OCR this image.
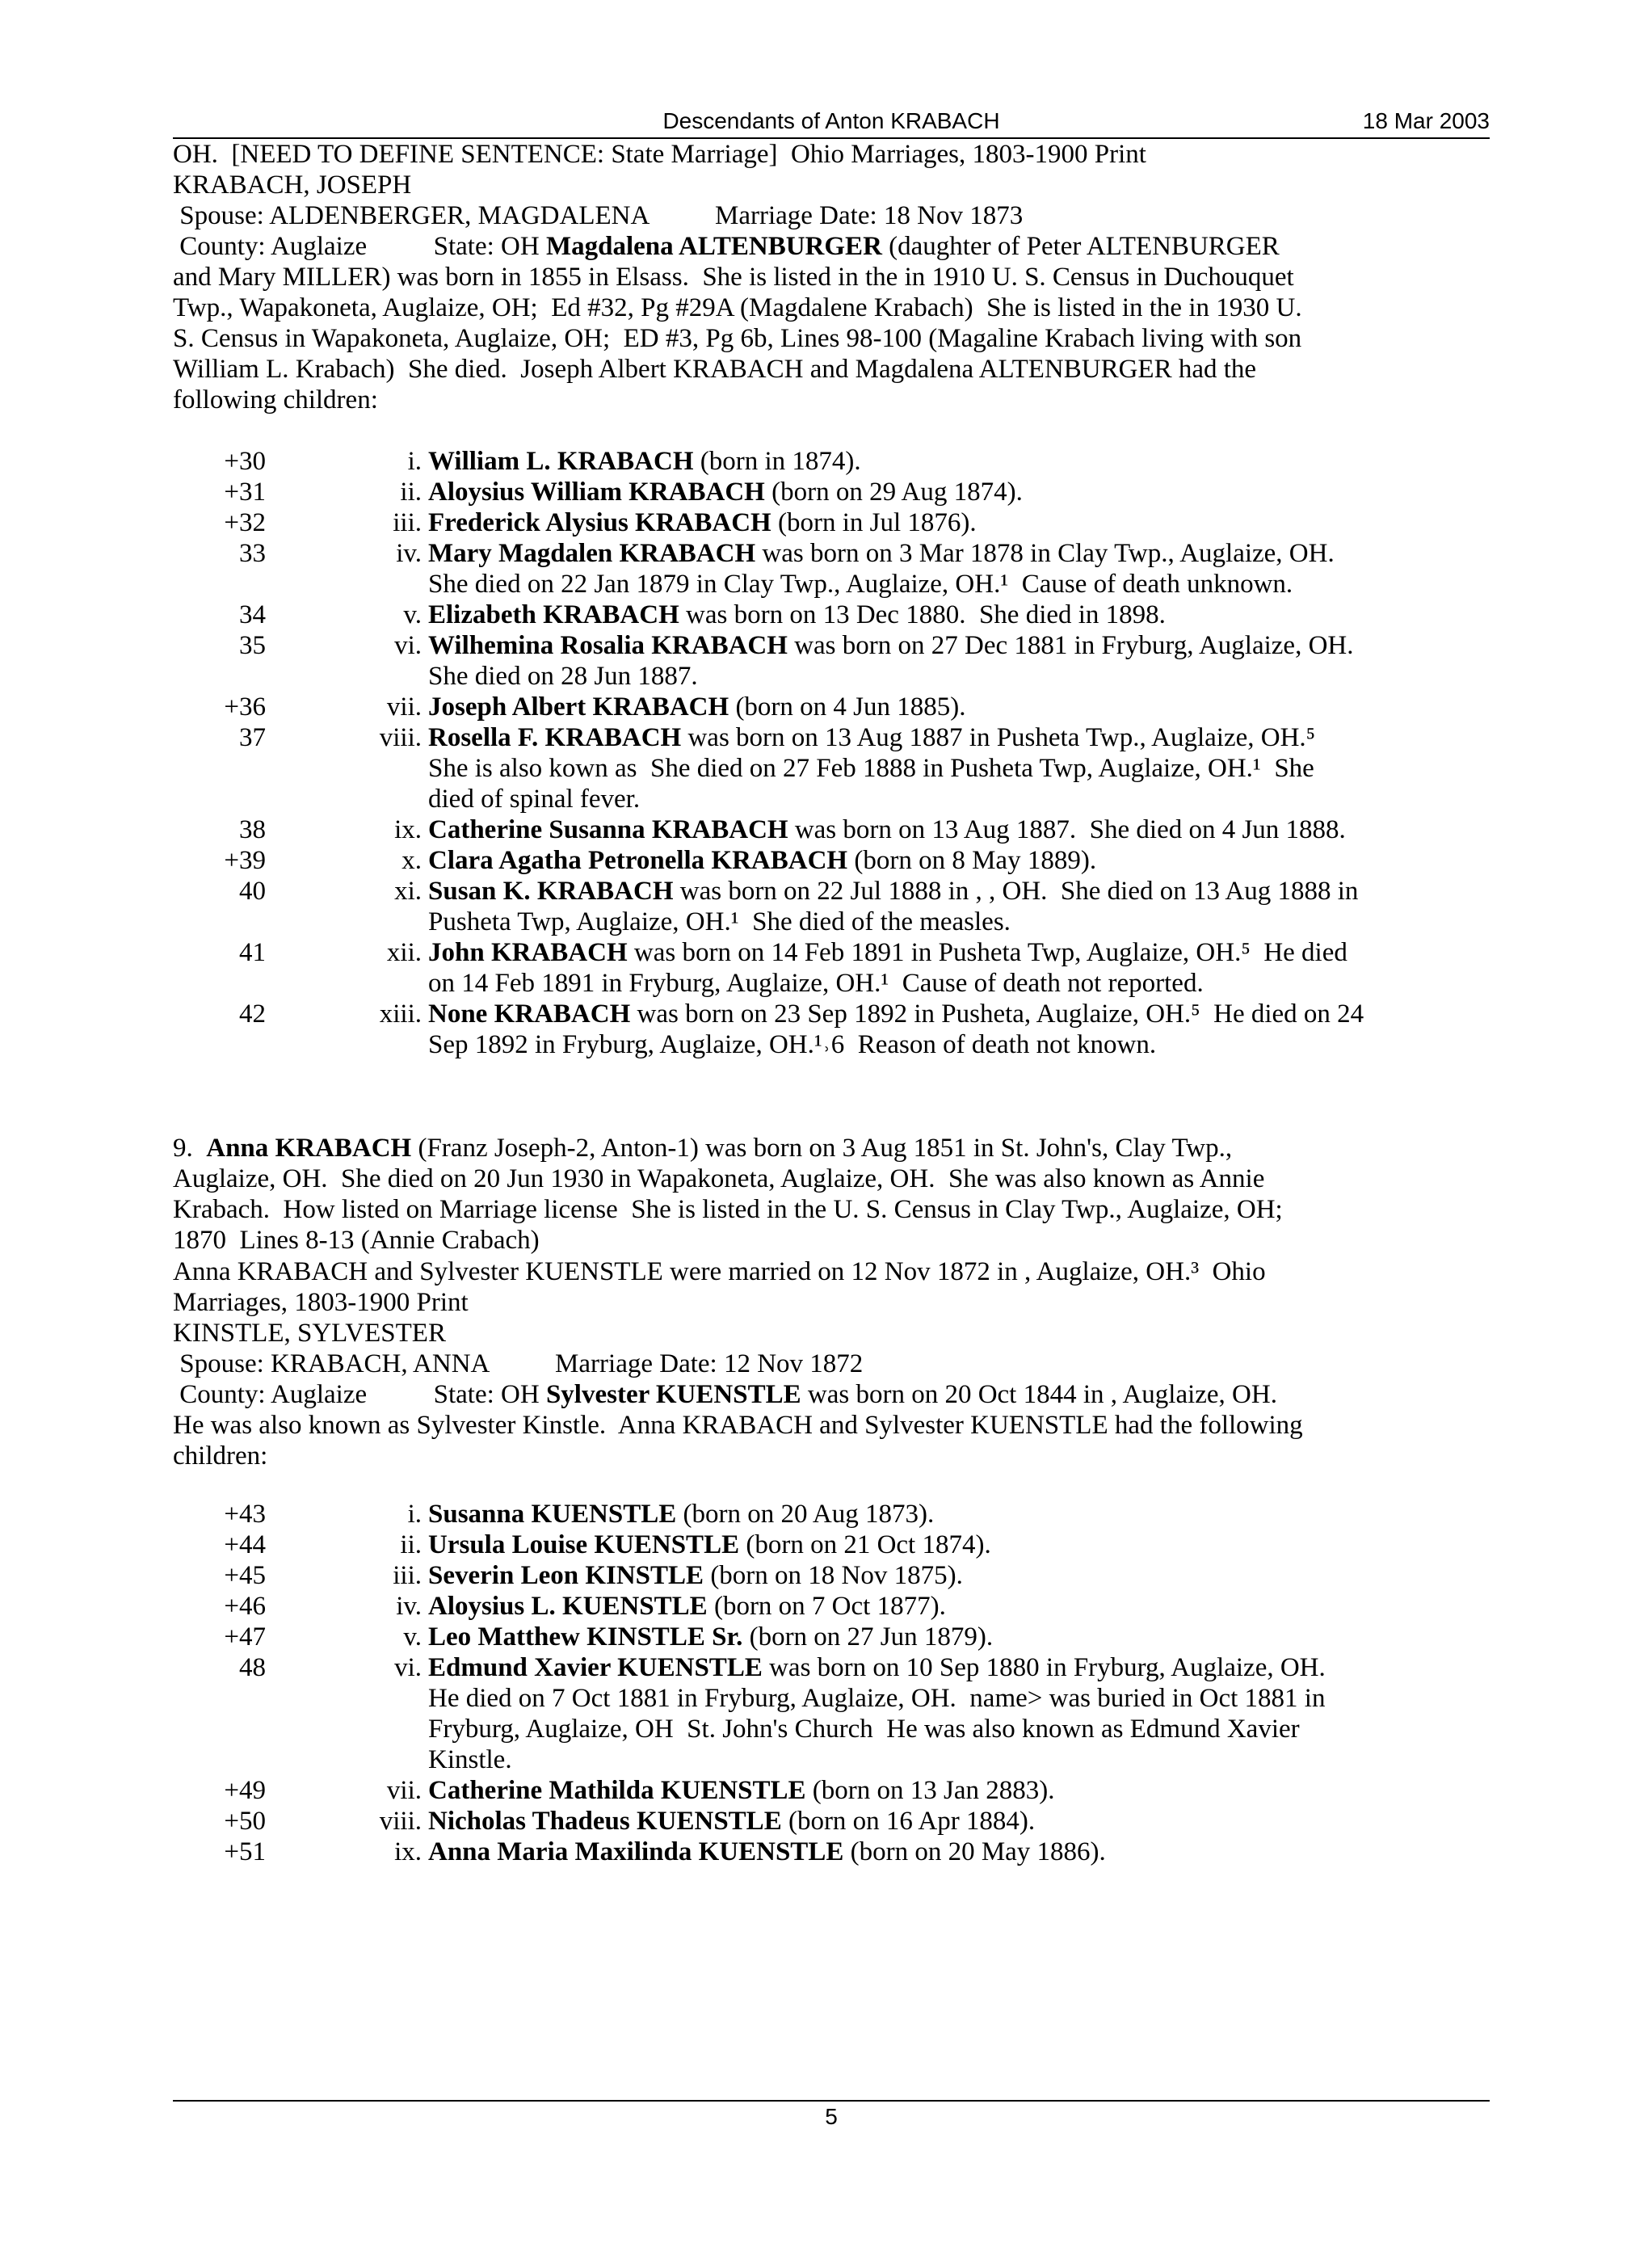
Descendants of Anton KRABACH	18 Mar 2003
OH.  [NEED TO DEFINE SENTENCE: State Marriage]  Ohio Marriages, 1803-1900 Print
KRABACH, JOSEPH
Spouse: ALDENBERGER, MAGDALENA          Marriage Date: 18 Nov 1873
County: Auglaize          State: OH Magdalena ALTENBURGER (daughter of Peter ALTENBURGER
and Mary MILLER) was born in 1855 in Elsass.  She is listed in the in 1910 U. S. Census in Duchouquet
Twp., Wapakoneta, Auglaize, OH;  Ed #32, Pg #29A (Magdalene Krabach)  She is listed in the in 1930 U.
S. Census in Wapakoneta, Auglaize, OH;  ED #3, Pg 6b, Lines 98-100 (Magaline Krabach living with son
William L. Krabach)  She died.  Joseph Albert KRABACH and Magdalena ALTENBURGER had the
following children:
+30	i. William L. KRABACH (born in 1874).
+31	ii. Aloysius William KRABACH (born on 29 Aug 1874).
+32	iii. Frederick Alysius KRABACH (born in Jul 1876).
33	iv. Mary Magdalen KRABACH was born on 3 Mar 1878 in Clay Twp., Auglaize, OH.
She died on 22 Jan 1879 in Clay Twp., Auglaize, OH.¹  Cause of death unknown.
34	v. Elizabeth KRABACH was born on 13 Dec 1880.  She died in 1898.
35	vi. Wilhemina Rosalia KRABACH was born on 27 Dec 1881 in Fryburg, Auglaize, OH.
She died on 28 Jun 1887.
+36	vii. Joseph Albert KRABACH (born on 4 Jun 1885).
37	viii. Rosella F. KRABACH was born on 13 Aug 1887 in Pusheta Twp., Auglaize, OH.⁵
She is also kown as  She died on 27 Feb 1888 in Pusheta Twp, Auglaize, OH.¹  She
died of spinal fever.
38	ix. Catherine Susanna KRABACH was born on 13 Aug 1887.  She died on 4 Jun 1888.
+39	x. Clara Agatha Petronella KRABACH (born on 8 May 1889).
40	xi. Susan K. KRABACH was born on 22 Jul 1888 in , , OH.  She died on 13 Aug 1888 in
Pusheta Twp, Auglaize, OH.¹  She died of the measles.
41	xii. John KRABACH was born on 14 Feb 1891 in Pusheta Twp, Auglaize, OH.⁵  He died
on 14 Feb 1891 in Fryburg, Auglaize, OH.¹  Cause of death not reported.
42	xiii. None KRABACH was born on 23 Sep 1892 in Pusheta, Auglaize, OH.⁵  He died on 24
Sep 1892 in Fryburg, Auglaize, OH.¹˒6  Reason of death not known.
9.  Anna KRABACH (Franz Joseph-2, Anton-1) was born on 3 Aug 1851 in St. John's, Clay Twp.,
Auglaize, OH.  She died on 20 Jun 1930 in Wapakoneta, Auglaize, OH.  She was also known as Annie
Krabach.  How listed on Marriage license  She is listed in the U. S. Census in Clay Twp., Auglaize, OH;
1870  Lines 8-13 (Annie Crabach)
Anna KRABACH and Sylvester KUENSTLE were married on 12 Nov 1872 in , Auglaize, OH.³  Ohio
Marriages, 1803-1900 Print
KINSTLE, SYLVESTER
Spouse: KRABACH, ANNA          Marriage Date: 12 Nov 1872
County: Auglaize          State: OH Sylvester KUENSTLE was born on 20 Oct 1844 in , Auglaize, OH.
He was also known as Sylvester Kinstle.  Anna KRABACH and Sylvester KUENSTLE had the following
children:
+43	i. Susanna KUENSTLE (born on 20 Aug 1873).
+44	ii. Ursula Louise KUENSTLE (born on 21 Oct 1874).
+45	iii. Severin Leon KINSTLE (born on 18 Nov 1875).
+46	iv. Aloysius L. KUENSTLE (born on 7 Oct 1877).
+47	v. Leo Matthew KINSTLE Sr. (born on 27 Jun 1879).
48	vi. Edmund Xavier KUENSTLE was born on 10 Sep 1880 in Fryburg, Auglaize, OH.
He died on 7 Oct 1881 in Fryburg, Auglaize, OH.  name> was buried in Oct 1881 in
Fryburg, Auglaize, OH  St. John's Church  He was also known as Edmund Xavier
Kinstle.
+49	vii. Catherine Mathilda KUENSTLE (born on 13 Jan 2883).
+50	viii. Nicholas Thadeus KUENSTLE (born on 16 Apr 1884).
+51	ix. Anna Maria Maxilinda KUENSTLE (born on 20 May 1886).
5
